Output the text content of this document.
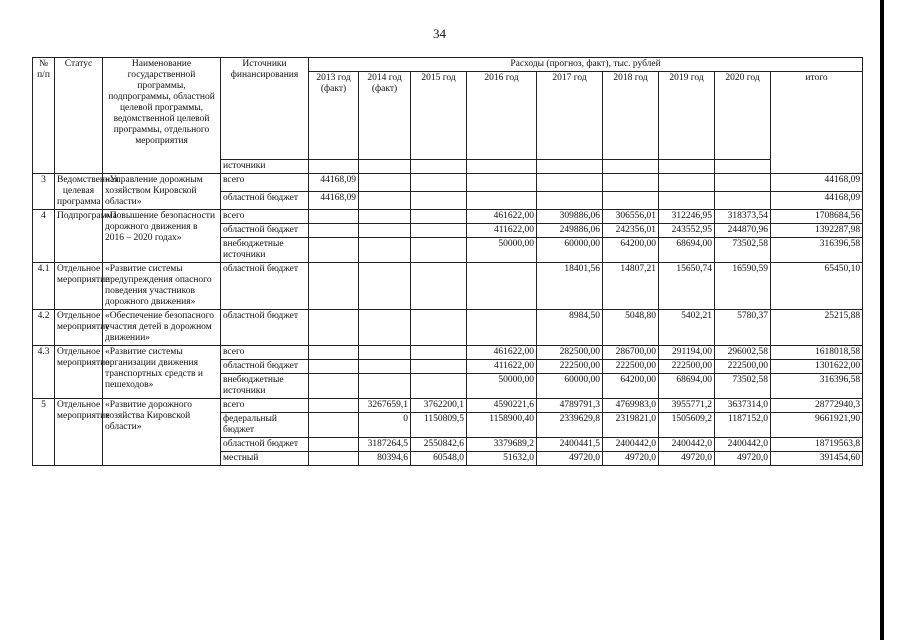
34
№ п/п	Статус	Наименование государственной программы, подпрограммы, областной целевой программы, ведомственной целевой программы, отдельного мероприятия	Источники финансирования	Расходы (прогноз, факт), тыс. рублей								
				2013 год (факт)	2014 год (факт)	2015 год	2016 год	2017 год	2018 год	2019 год	2020 год	итого
			источники									
3	Ведомственная целевая программа	«Управление дорожным хозяйством Кировской области»	всего	44168,09								44168,09
			областной бюджет	44168,09								44168,09
4	Подпрограмма	«Повышение безопасности дорожного движения в 2016 – 2020 годах»	всего				461622,00	309886,06	306556,01	312246,95	318373,54	1708684,56
			областной бюджет				411622,00	249886,06	242356,01	243552,95	244870,96	1392287,98
			внебюджетные источники				50000,00	60000,00	64200,00	68694,00	73502,58	316396,58
4.1	Отдельное мероприятие	«Развитие системы предупреждения опасного поведения участников дорожного движения»	областной бюджет					18401,56	14807,21	15650,74	16590,59	65450,10
4.2	Отдельное мероприятие	«Обеспечение безопасного участия детей в дорожном движении»	областной бюджет					8984,50	5048,80	5402,21	5780,37	25215,88
4.3	Отдельное мероприятие	«Развитие системы организации движения транспортных средств и пешеходов»	всего				461622,00	282500,00	286700,00	291194,00	296002,58	1618018,58
			областной бюджет				411622,00	222500,00	222500,00	222500,00	222500,00	1301622,00
			внебюджетные источники				50000,00	60000,00	64200,00	68694,00	73502,58	316396,58
5	Отдельное мероприятие	«Развитие дорожного хозяйства Кировской области»	всего		3267659,1	3762200,1	4590221,6	4789791,3	4769983,0	3955771,2	3637314,0	28772940,3
			федеральный бюджет		0	1150809,5	1158900,40	2339629,8	2319821,0	1505609,2	1187152,0	9661921,90
			областной бюджет		3187264,5	2550842,6	3379689,2	2400441,5	2400442,0	2400442,0	2400442,0	18719563,8
			местный		80394,6	60548,0	51632,0	49720,0	49720,0	49720,0	49720,0	391454,60
